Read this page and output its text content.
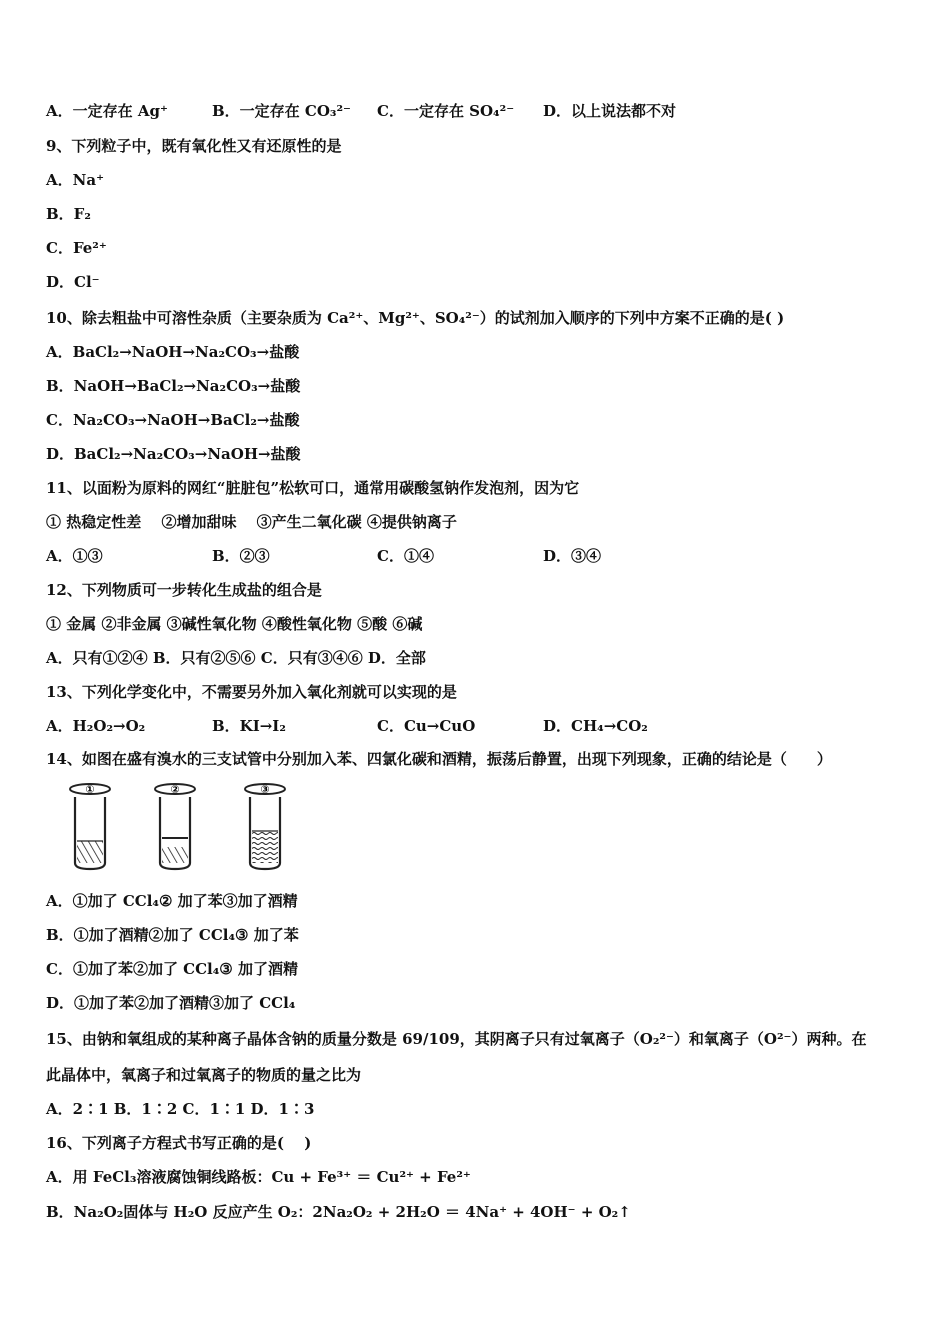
A．一定存在 Ag⁺	B．一定存在 CO₃²⁻ C．一定存在 SO₄²⁻ D．以上说法都不对
9、下列粒子中，既有氧化性又有还原性的是
A．Na⁺
B．F₂
C．Fe²⁺
D．Cl⁻
10、除去粗盐中可溶性杂质（主要杂质为 Ca²⁺、Mg²⁺、SO₄²⁻）的试剂加入顺序的下列中方案不正确的是( )
A．BaCl₂→NaOH→Na₂CO₃→盐酸
B．NaOH→BaCl₂→Na₂CO₃→盐酸
C．Na₂CO₃→NaOH→BaCl₂→盐酸
D．BaCl₂→Na₂CO₃→NaOH→盐酸
11、以面粉为原料的网红“脏脏包”松软可口，通常用碳酸氢钠作发泡剂，因为它
① 热稳定性差　 ②增加甜味　 ③产生二氧化碳 ④提供钠离子
A．①③	B．②③	C．①④	D．③④
12、下列物质可一步转化生成盐的组合是
① 金属 ②非金属 ③碱性氧化物 ④酸性氧化物 ⑤酸 ⑥碱
A．只有①②④ B．只有②⑤⑥ C．只有③④⑥ D．全部
13、下列化学变化中，不需要另外加入氧化剂就可以实现的是
A．H₂O₂→O₂	B．KI→I₂	C．Cu→CuO	D．CH₄→CO₂
14、如图在盛有溴水的三支试管中分别加入苯、四氯化碳和酒精，振荡后静置，出现下列现象，正确的结论是（　　）
A．①加了 CCl₄② 加了苯③加了酒精
B．①加了酒精②加了 CCl₄③ 加了苯
C．①加了苯②加了 CCl₄③ 加了酒精
D．①加了苯②加了酒精③加了 CCl₄
15、由钠和氧组成的某种离子晶体含钠的质量分数是 69/109，其阴离子只有过氧离子（O₂²⁻）和氧离子（O²⁻）两种。在
此晶体中，氧离子和过氧离子的物质的量之比为
A．2∶1 B．1∶2 C．1∶1 D．1∶3
16、下列离子方程式书写正确的是(　 )
A．用 FeCl₃溶液腐蚀铜线路板：Cu + Fe³⁺ ＝ Cu²⁺ + Fe²⁺
B．Na₂O₂固体与 H₂O 反应产生 O₂：2Na₂O₂ + 2H₂O ＝ 4Na⁺ + 4OH⁻ + O₂↑
①	②	③
